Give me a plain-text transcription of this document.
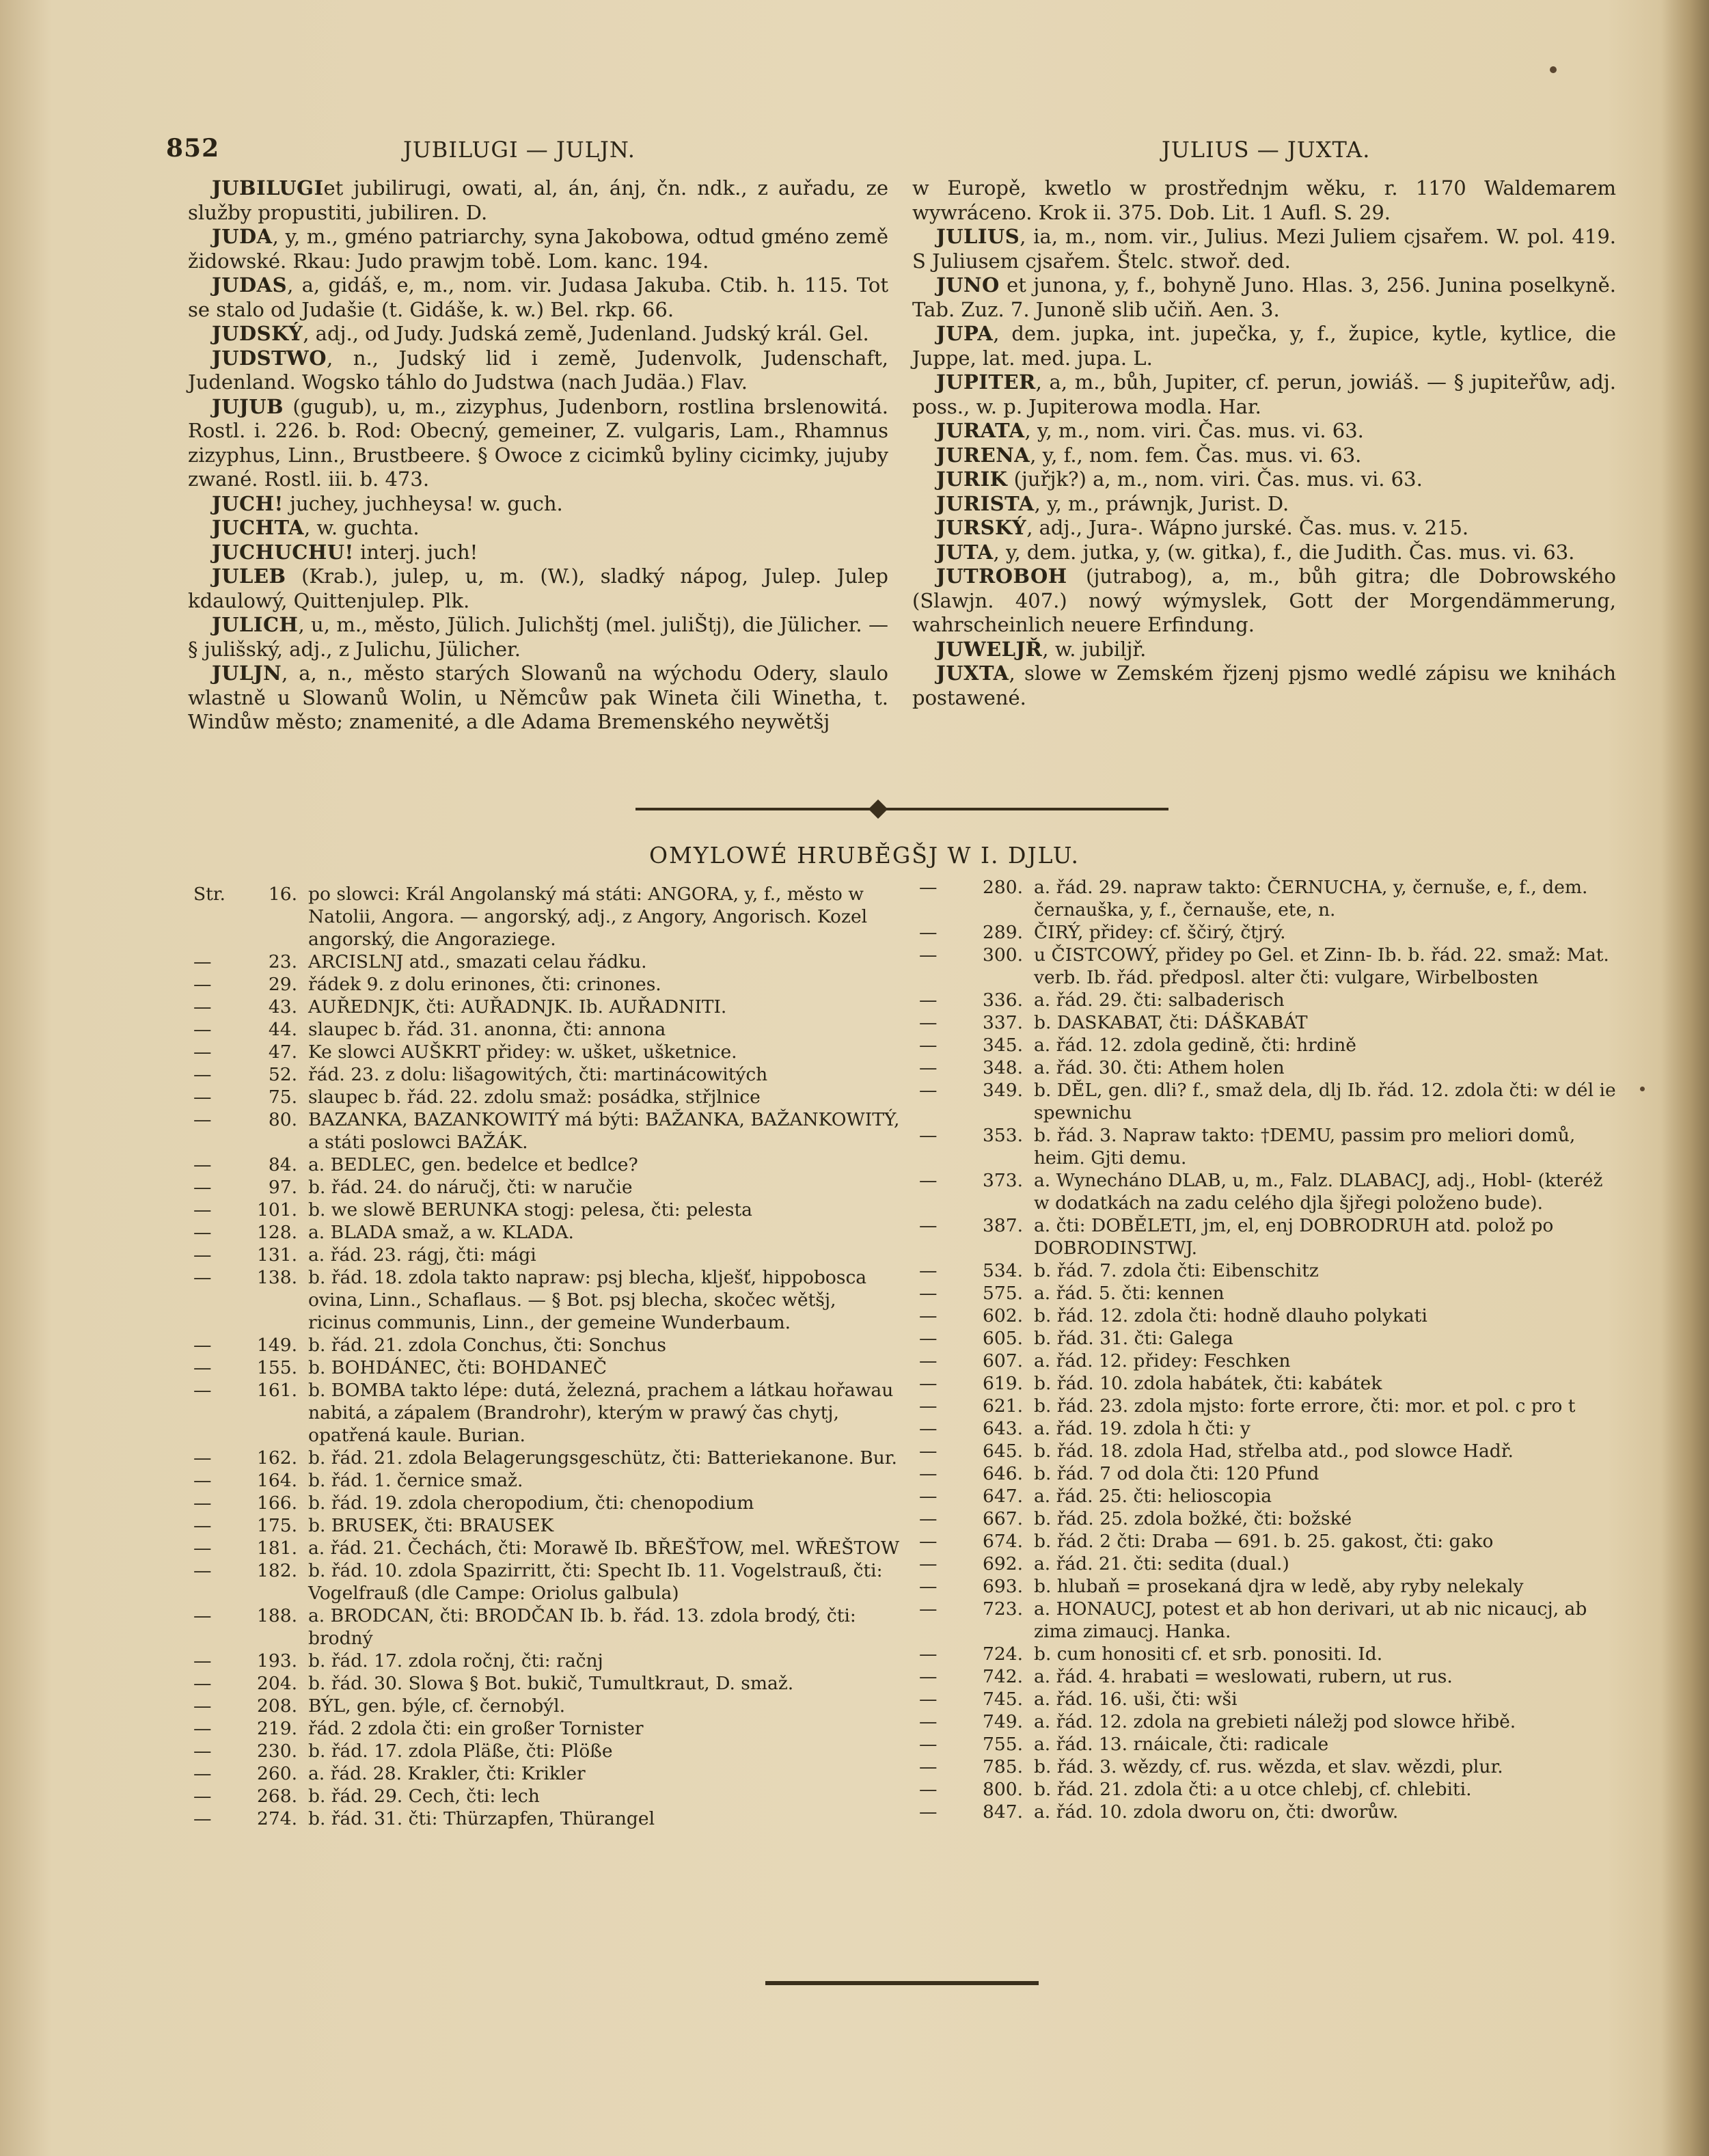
852	JUBILUGI — JULJN.	JULIUS — JUXTA.

JUBILUGIet jubilirugi, owati, al, án, ánj, čn. ndk., z auřadu, ze služby propustiti, jubiliren. D.

JUDA, y, m., gméno patriarchy, syna Jakobowa, odtud gméno země židowské. Rkau: Judo prawjm tobě. Lom. kanc. 194.

JUDAS, a, gidáš, e, m., nom. vir. Judasa Jakuba. Ctib. h. 115. Tot se stalo od Judašie (t. Gidáše, k. w.) Bel. rkp. 66.

JUDSKÝ, adj., od Judy. Judská země, Judenland. Judský král. Gel.

JUDSTWO, n., Judský lid i země, Judenvolk, Judenschaft, Judenland. Wogsko táhlo do Judstwa (nach Judäa.) Flav.

JUJUB (gugub), u, m., zizyphus, Judenborn, rostlina brslenowitá. Rostl. i. 226. b. Rod: Obecný, gemeiner, Z. vulgaris, Lam., Rhamnus zizyphus, Linn., Brustbeere. § Owoce z cicimků byliny cicimky, jujuby zwané. Rostl. iii. b. 473.

JUCH! juchey, juchheysa! w. guch.

JUCHTA, w. guchta.

JUCHUCHU! interj. juch!

JULEB (Krab.), julep, u, m. (W.), sladký nápog, Julep. Julep kdaulowý, Quittenjulep. Plk.

JULICH, u, m., město, Jülich. Julichštj (mel. juliŠtj), die Jülicher. — § julišský, adj., z Julichu, Jülicher.

JULJN, a, n., město starých Slowanů na wýchodu Odery, slaulo wlastně u Slowanů Wolin, u Němcůw pak Wineta čili Winetha, t. Windůw město; znamenité, a dle Adama Bremenského neywětšj

w Europě, kwetlo w prostřednjm wěku, r. 1170 Waldemarem wywráceno. Krok ii. 375. Dob. Lit. 1 Aufl. S. 29.

JULIUS, ia, m., nom. vir., Julius. Mezi Juliem cjsařem. W. pol. 419. S Juliusem cjsařem. Štelc. stwoř. ded.

JUNO et junona, y, f., bohyně Juno. Hlas. 3, 256. Junina poselkyně. Tab. Zuz. 7. Junoně slib učiň. Aen. 3.

JUPA, dem. jupka, int. jupečka, y, f., župice, kytle, kytlice, die Juppe, lat. med. jupa. L.

JUPITER, a, m., bůh, Jupiter, cf. perun, jowiáš. — § jupiteřůw, adj. poss., w. p. Jupiterowa modla. Har.

JURATA, y, m., nom. viri. Čas. mus. vi. 63.

JURENA, y, f., nom. fem. Čas. mus. vi. 63.

JURIK (juřjk?) a, m., nom. viri. Čas. mus. vi. 63.

JURISTA, y, m., práwnjk, Jurist. D.

JURSKÝ, adj., Jura-. Wápno jurské. Čas. mus. v. 215.

JUTA, y, dem. jutka, y, (w. gitka), f., die Judith. Čas. mus. vi. 63.

JUTROBOH (jutrabog), a, m., bůh gitra; dle Dobrowského (Slawjn. 407.) nowý wýmyslek, Gott der Morgendämmerung, wahrscheinlich neuere Erfindung.

JUWELJŘ, w. jubiljř.

JUXTA, slowe w Zemském řjzenj pjsmo wedlé zápisu we knihách postawené.

OMYLOWÉ HRUBĚGŠJ W I. DJLU.
Str.	16. po slowci: Král Angolanský má státi: ANGORA, y, f., město w Natolii, Angora. — angorský, adj., z Angory, Angorisch. Kozel angorský, die Angoraziege.
—	23. ARCISLNJ atd., smazati celau řádku.
—	29. řádek 9. z dolu erinones, čti: crinones.
—	43. AUŘEDNJK, čti: AUŘADNJK. Ib. AUŘADNITI.
—	44. slaupec b. řád. 31. anonna, čti: annona
—	47. Ke slowci AUŠKRT přidey: w. ušket, ušketnice.
—	52. řád. 23. z dolu: lišagowitých, čti: martinácowitých
—	75. slaupec b. řád. 22. zdolu smaž: posádka, střjlnice
—	80. BAZANKA, BAZANKOWITÝ má býti: BAŽANKA, BAŽANKOWITÝ, a státi poslowci BAŽÁK.
—	84. a. BEDLEC, gen. bedelce et bedlce?
—	97. b. řád. 24. do náručj, čti: w naručie
—	101. b. we slowě BERUNKA stogj: pelesa, čti: pelesta
—	128. a. BLADA smaž, a w. KLADA.
—	131. a. řád. 23. rágj, čti: mági
—	138. b. řád. 18. zdola takto napraw: psj blecha, klješť, hippobosca ovina, Linn., Schaflaus. — § Bot. psj blecha, skočec wětšj, ricinus communis, Linn., der gemeine Wunderbaum.
—	149. b. řád. 21. zdola Conchus, čti: Sonchus
—	155. b. BOHDÁNEC, čti: BOHDANEČ
—	161. b. BOMBA takto lépe: dutá, železná, prachem a látkau hořawau nabitá, a zápalem (Brandrohr), kterým w prawý čas chytj, opatřená kaule. Burian.
—	162. b. řád. 21. zdola Belagerungsgeschütz, čti: Batteriekanone. Bur.
—	164. b. řád. 1. černice smaž.
—	166. b. řád. 19. zdola cheropodium, čti: chenopodium
—	175. b. BRUSEK, čti: BRAUSEK
—	181. a. řád. 21. Čechách, čti: Morawě Ib. BŘEŠŤOW, mel. WŘEŠTOW
—	182. b. řád. 10. zdola Spazirritt, čti: Specht Ib. 11. Vogelstrauß, čti: Vogelfrauß (dle Campe: Oriolus galbula)
—	188. a. BRODCAN, čti: BRODČAN Ib. b. řád. 13. zdola brodý, čti: brodný
—	193. b. řád. 17. zdola ročnj, čti: račnj
—	204. b. řád. 30. Slowa § Bot. bukič, Tumultkraut, D. smaž.
—	208. BÝL, gen. býle, cf. černobýl.
—	219. řád. 2 zdola čti: ein großer Tornister
—	230. b. řád. 17. zdola Pläße, čti: Plöße
—	260. a. řád. 28. Krakler, čti: Krikler
—	268. b. řád. 29. Cech, čti: lech
—	274. b. řád. 31. čti: Thürzapfen, Thürangel
—	280. a. řád. 29. napraw takto: ČERNUCHA, y, černuše, e, f., dem. černauška, y, f., černauše, ete, n.
—	289. ČIRÝ, přidey: cf. ščirý, čtjrý.
—	300. u ČISTCOWÝ, přidey po Gel. et Zinn- Ib. b. řád. 22. smaž: Mat. verb. Ib. řád. předposl. alter čti: vulgare, Wirbelbosten
—	336. a. řád. 29. čti: salbaderisch
—	337. b. DASKABAT, čti: DÁŠKABÁT
—	345. a. řád. 12. zdola gedině, čti: hrdině
—	348. a. řád. 30. čti: Athem holen
—	349. b. DĚL, gen. dli? f., smaž dela, dlj Ib. řád. 12. zdola čti: w dél ie spewnichu
—	353. b. řád. 3. Napraw takto: †DEMU, passim pro meliori domů, heim. Gjti demu.
—	373. a. Wynecháno DLAB, u, m., Falz. DLABACJ, adj., Hobl- (kteréž w dodatkách na zadu celého djla šjřegi položeno bude).
—	387. a. čti: DOBĚLETI, jm, el, enj DOBRODRUH atd. polož po DOBRODINSTWJ.
—	534. b. řád. 7. zdola čti: Eibenschitz
—	575. a. řád. 5. čti: kennen
—	602. b. řád. 12. zdola čti: hodně dlauho polykati
—	605. b. řád. 31. čti: Galega
—	607. a. řád. 12. přidey: Feschken
—	619. b. řád. 10. zdola habátek, čti: kabátek
—	621. b. řád. 23. zdola mjsto: forte errore, čti: mor. et pol. c pro t
—	643. a. řád. 19. zdola h čti: y
—	645. b. řád. 18. zdola Had, střelba atd., pod slowce Hadř.
—	646. b. řád. 7 od dola čti: 120 Pfund
—	647. a. řád. 25. čti: helioscopia
—	667. b. řád. 25. zdola božké, čti: božské
—	674. b. řád. 2 čti: Draba — 691. b. 25. gakost, čti: gako
—	692. a. řád. 21. čti: sedita (dual.)
—	693. b. hlubaň = prosekaná djra w ledě, aby ryby nelekaly
—	723. a. HONAUCJ, potest et ab hon derivari, ut ab nic nicaucj, ab zima zimaucj. Hanka.
—	724. b. cum honositi cf. et srb. ponositi. Id.
—	742. a. řád. 4. hrabati = weslowati, rubern, ut rus.
—	745. a. řád. 16. uši, čti: wši
—	749. a. řád. 12. zdola na grebieti náležj pod slowce hřibě.
—	755. a. řád. 13. rnáicale, čti: radicale
—	785. b. řád. 3. wězdy, cf. rus. wězda, et slav. wězdi, plur.
—	800. b. řád. 21. zdola čti: a u otce chlebj, cf. chlebiti.
—	847. a. řád. 10. zdola dworu on, čti: dworůw.
